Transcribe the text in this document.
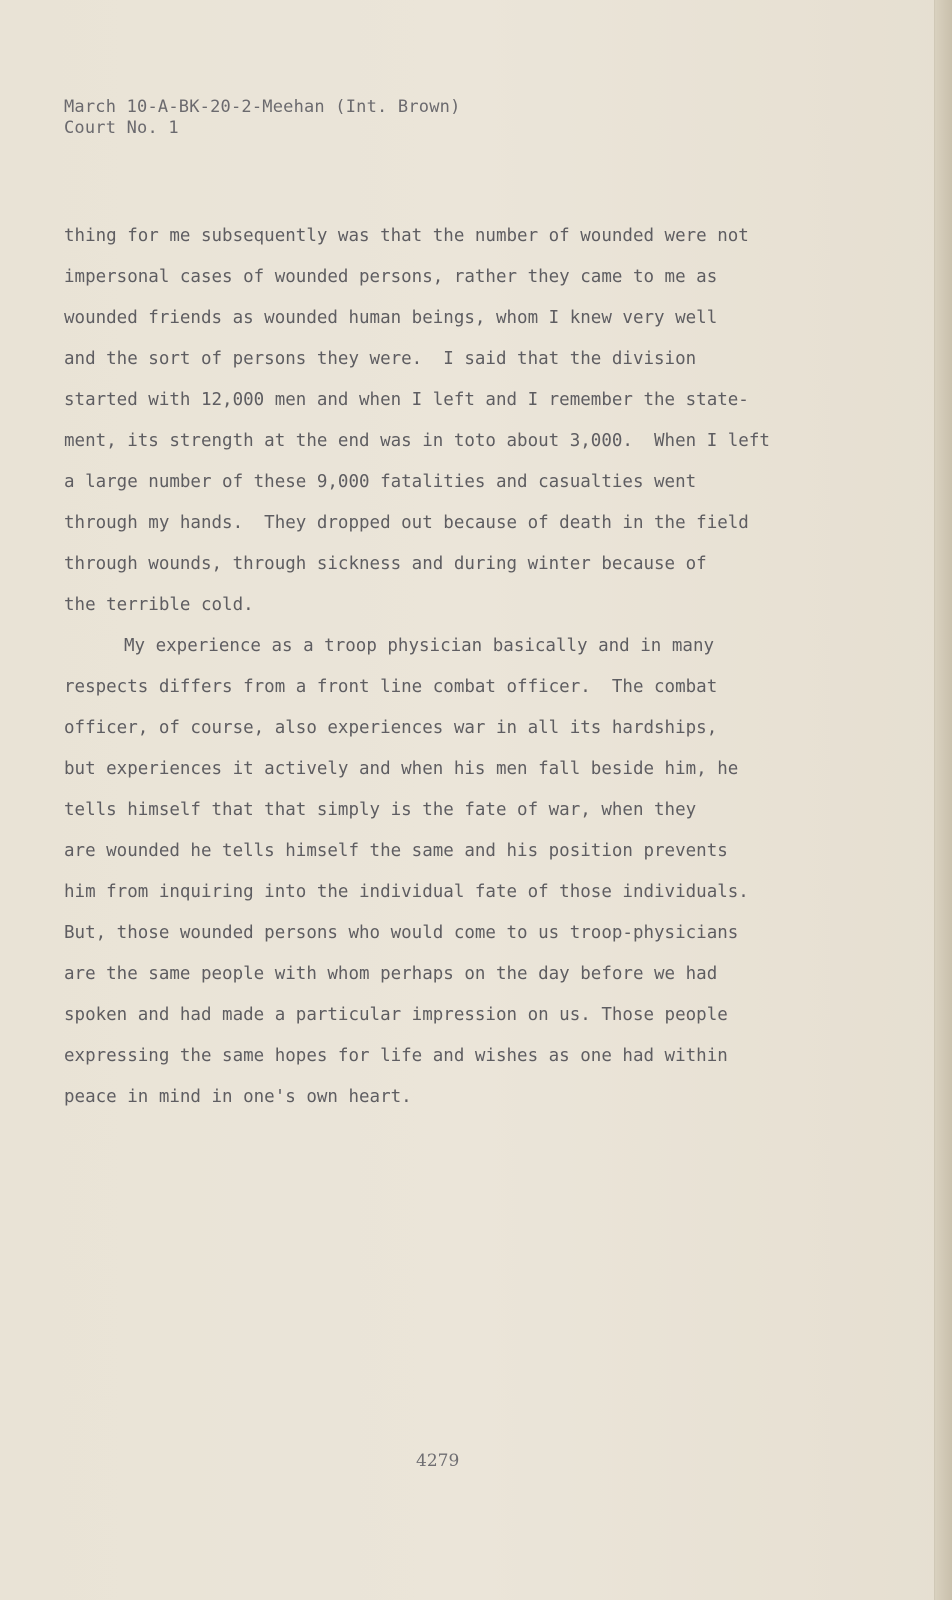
March 10-A-BK-20-2-Meehan (Int. Brown)
Court No. 1
thing for me subsequently was that the number of wounded were not
impersonal cases of wounded persons, rather they came to me as
wounded friends as wounded human beings, whom I knew very well
and the sort of persons they were.  I said that the division
started with 12,000 men and when I left and I remember the state-
ment, its strength at the end was in toto about 3,000.  When I left
a large number of these 9,000 fatalities and casualties went
through my hands.  They dropped out because of death in the field
through wounds, through sickness and during winter because of
the terrible cold.
My experience as a troop physician basically and in many
respects differs from a front line combat officer.  The combat
officer, of course, also experiences war in all its hardships,
but experiences it actively and when his men fall beside him, he
tells himself that that simply is the fate of war, when they
are wounded he tells himself the same and his position prevents
him from inquiring into the individual fate of those individuals.
But, those wounded persons who would come to us troop-physicians
are the same people with whom perhaps on the day before we had
spoken and had made a particular impression on us. Those people
expressing the same hopes for life and wishes as one had within
peace in mind in one's own heart.
4279
